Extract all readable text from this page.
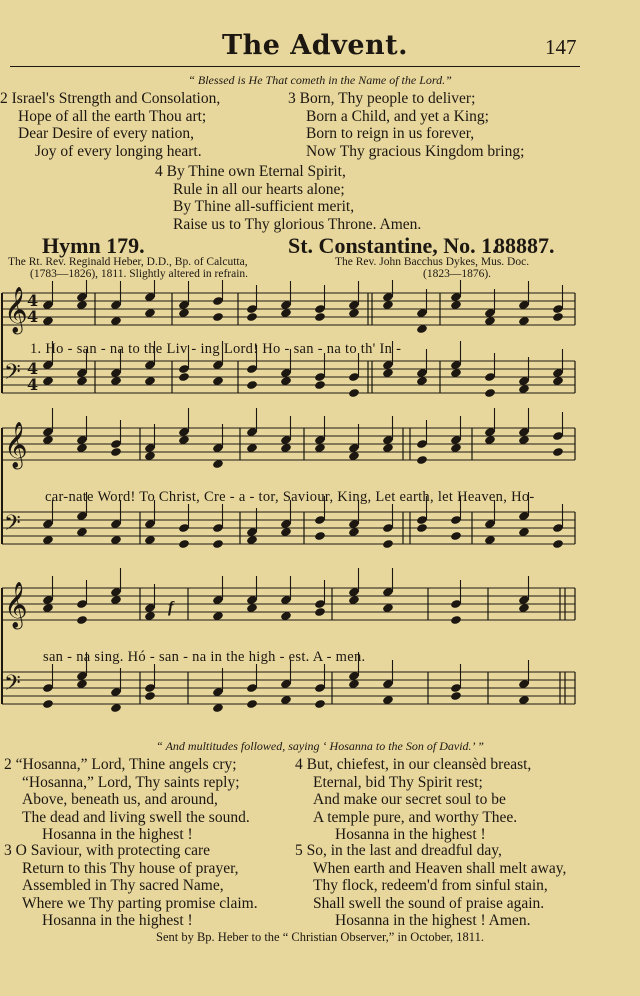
The Advent.	147
“ Blessed is He That cometh in the Name of the Lord.”
2 Israel's Strength and Consolation,
Hope of all the earth Thou art;
Dear Desire of every nation,
Joy of every longing heart.
3 Born, Thy people to deliver;
Born a Child, and yet a King;
Born to reign in us forever,
Now Thy gracious Kingdom bring;
4 By Thine own Eternal Spirit,
Rule in all our hearts alone;
By Thine all-sufficient merit,
Raise us to Thy glorious Throne. Amen.
Hymn 179.	St. Constantine, No. 1.
88887.
The Rt. Rev. Reginald Heber, D.D., Bp. of Calcutta,
(1783—1826), 1811. Slightly altered in refrain.
The Rev. John Bacchus Dykes, Mus. Doc.
(1823—1876).
𝄞
𝄢
𝄞
𝄢
𝄞
𝄢
4
4
4
4
1. Ho - san - na to the Liv - ing Lord! Ho - san - na to th' In -
car-nate Word! To Christ, Cre - a - tor, Saviour, King, Let earth, let Heaven, Ho-
san - na sing. Hó - san - na in the high - est. A - men.
f
“ And multitudes followed, saying ‘ Hosanna to the Son of David.’ ”
2 “Hosanna,” Lord, Thine angels cry;
“Hosanna,” Lord, Thy saints reply;
Above, beneath us, and around,
The dead and living swell the sound.
Hosanna in the highest !
4 But, chiefest, in our cleansèd breast,
Eternal, bid Thy Spirit rest;
And make our secret soul to be
A temple pure, and worthy Thee.
Hosanna in the highest !
3 O Saviour, with protecting care
Return to this Thy house of prayer,
Assembled in Thy sacred Name,
Where we Thy parting promise claim.
Hosanna in the highest !
5 So, in the last and dreadful day,
When earth and Heaven shall melt away,
Thy flock, redeem'd from sinful stain,
Shall swell the sound of praise again.
Hosanna in the highest ! Amen.
Sent by Bp. Heber to the “ Christian Observer,” in October, 1811.
